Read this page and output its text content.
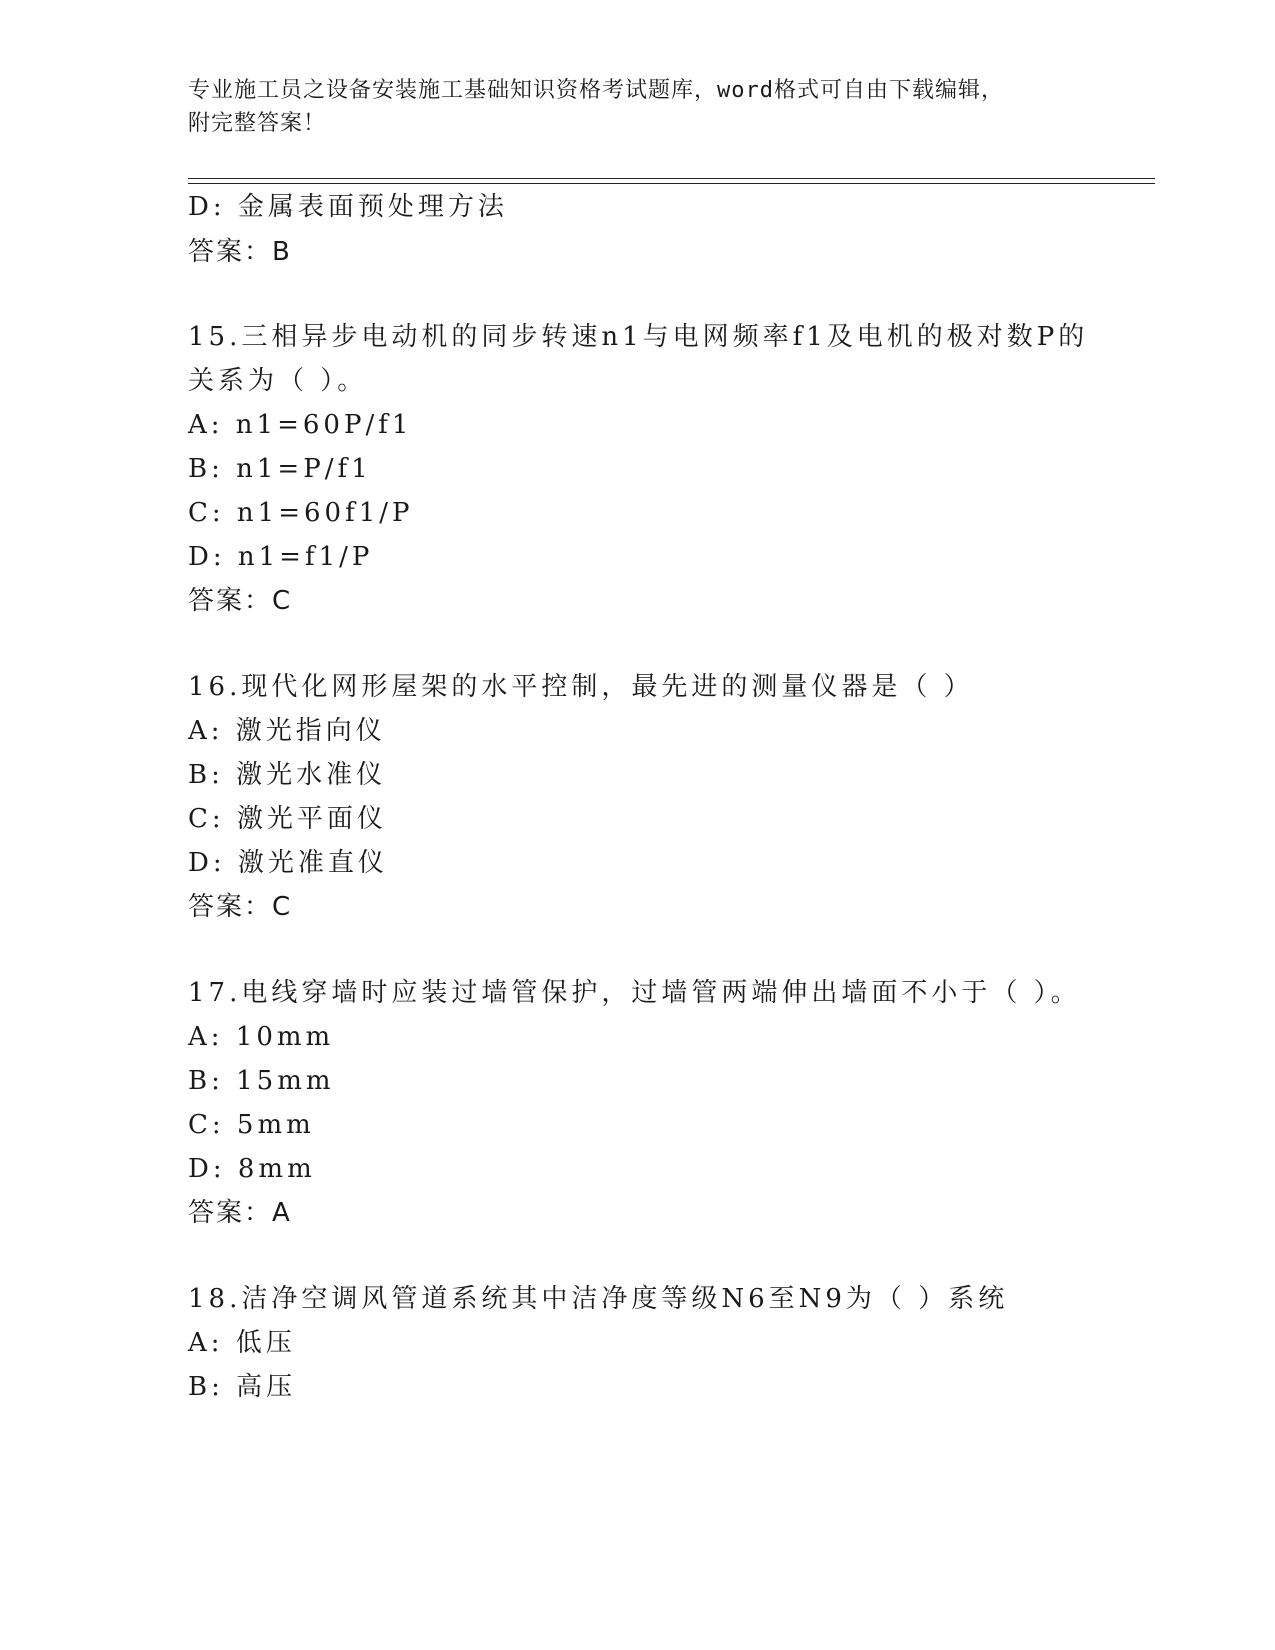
专业施工员之设备安装施工基础知识资格考试题库，word格式可自由下载编辑，
附完整答案！
D: 金属表面预处理方法
答案：B
15.三相异步电动机的同步转速n1与电网频率f1及电机的极对数P的
关系为（ ）。
A: n1=60P/f1
B: n1=P/f1
C: n1=60f1/P
D: n1=f1/P
答案：C
16.现代化网形屋架的水平控制，最先进的测量仪器是（ ）
A: 激光指向仪
B: 激光水准仪
C: 激光平面仪
D: 激光准直仪
答案：C
17.电线穿墙时应装过墙管保护，过墙管两端伸出墙面不小于（ ）。
A: 10mm
B: 15mm
C: 5mm
D: 8mm
答案：A
18.洁净空调风管道系统其中洁净度等级N6至N9为（ ）系统
A: 低压
B: 高压
